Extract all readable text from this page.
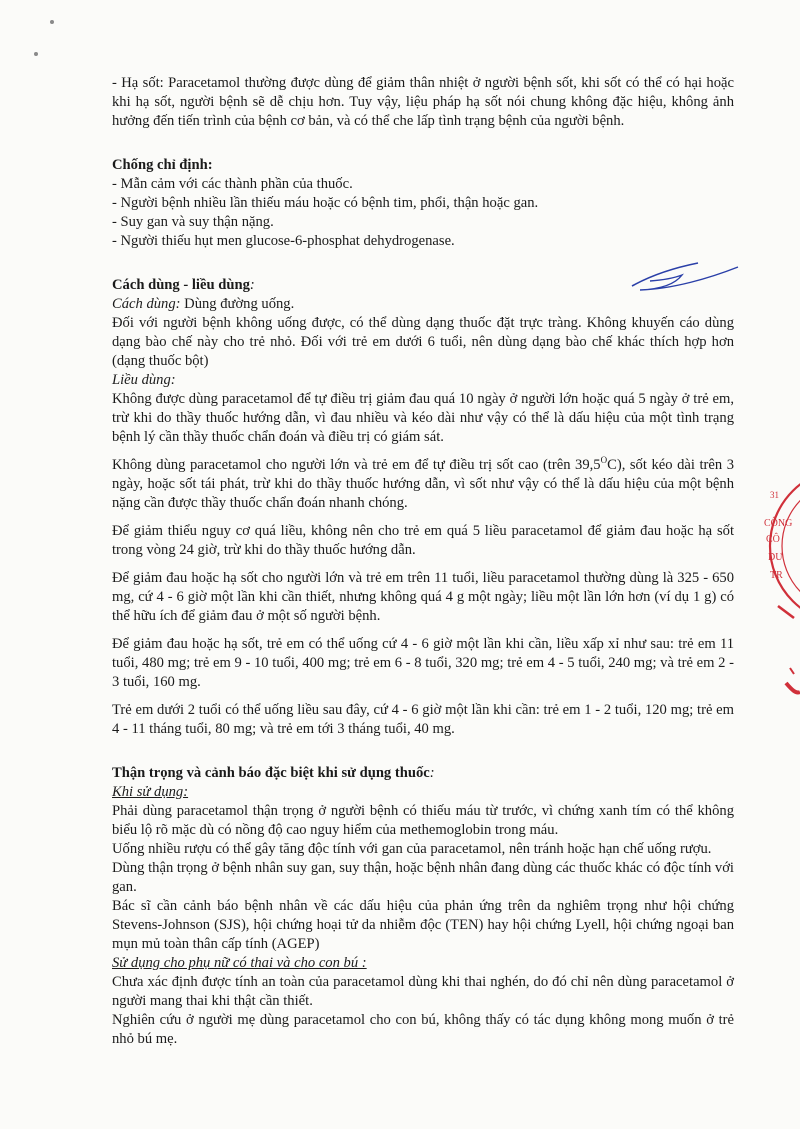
- Hạ sốt: Paracetamol thường được dùng để giảm thân nhiệt ở người bệnh sốt, khi sốt có thể có hại hoặc khi hạ sốt, người bệnh sẽ dễ chịu hơn. Tuy vậy, liệu pháp hạ sốt nói chung không đặc hiệu, không ảnh hưởng đến tiến trình của bệnh cơ bản, và có thể che lấp tình trạng bệnh của người bệnh.

Chống chỉ định:

- Mẫn cảm với các thành phần của thuốc.

- Người bệnh nhiều lần thiếu máu hoặc có bệnh tim, phổi, thận hoặc gan.

- Suy gan và suy thận nặng.

- Người thiếu hụt men glucose-6-phosphat dehydrogenase.

Cách dùng - liều dùng:

Cách dùng: Dùng đường uống.

Đối với người bệnh không uống được, có thể dùng dạng thuốc đặt trực tràng. Không khuyến cáo dùng dạng bào chế này cho trẻ nhỏ. Đối với trẻ em dưới 6 tuổi, nên dùng dạng bào chế khác thích hợp hơn (dạng thuốc bột)

Liều dùng:

Không được dùng paracetamol để tự điều trị giảm đau quá 10 ngày ở người lớn hoặc quá 5 ngày ở trẻ em, trừ khi do thầy thuốc hướng dẫn, vì đau nhiều và kéo dài như vậy có thể là dấu hiệu của một tình trạng bệnh lý cần thầy thuốc chẩn đoán và điều trị có giám sát.

Không dùng paracetamol cho người lớn và trẻ em để tự điều trị sốt cao (trên $39,5^OC$), sốt kéo dài trên 3 ngày, hoặc sốt tái phát, trừ khi do thầy thuốc hướng dẫn, vì sốt như vậy có thể là dấu hiệu của một bệnh nặng cần được thầy thuốc chẩn đoán nhanh chóng.

Để giảm thiểu nguy cơ quá liều, không nên cho trẻ em quá 5 liều paracetamol để giảm đau hoặc hạ sốt trong vòng 24 giờ, trừ khi do thầy thuốc hướng dẫn.

Để giảm đau hoặc hạ sốt cho người lớn và trẻ em trên 11 tuổi, liều paracetamol thường dùng là 325 - 650 mg, cứ 4 - 6 giờ một lần khi cần thiết, nhưng không quá 4 g một ngày; liều một lần lớn hơn (ví dụ 1 g) có thể hữu ích để giảm đau ở một số người bệnh.

Để giảm đau hoặc hạ sốt, trẻ em có thể uống cứ 4 - 6 giờ một lần khi cần, liều xấp xỉ như sau: trẻ em 11 tuổi, 480 mg; trẻ em 9 - 10 tuổi, 400 mg; trẻ em 6 - 8 tuổi, 320 mg; trẻ em 4 - 5 tuổi, 240 mg; và trẻ em 2 - 3 tuổi, 160 mg.

Trẻ em dưới 2 tuổi có thể uống liều sau đây, cứ 4 - 6 giờ một lần khi cần: trẻ em 1 - 2 tuổi, 120 mg; trẻ em 4 - 11 tháng tuổi, 80 mg; và trẻ em tới 3 tháng tuổi, 40 mg.

Thận trọng và cảnh báo đặc biệt khi sử dụng thuốc:

Khi sử dụng:

Phải dùng paracetamol thận trọng ở người bệnh có thiếu máu từ trước, vì chứng xanh tím có thể không biểu lộ rõ mặc dù có nồng độ cao nguy hiểm của methemoglobin trong máu.

Uống nhiều rượu có thể gây tăng độc tính với gan của paracetamol, nên tránh hoặc hạn chế uống rượu.

Dùng thận trọng ở bệnh nhân suy gan, suy thận, hoặc bệnh nhân đang dùng các thuốc khác có độc tính với gan.

Bác sĩ cần cảnh báo bệnh nhân về các dấu hiệu của phản ứng trên da nghiêm trọng như hội chứng Stevens-Johnson (SJS), hội chứng hoại tử da nhiễm độc (TEN) hay hội chứng Lyell, hội chứng ngoại ban mụn mủ toàn thân cấp tính (AGEP)

Sử dụng cho phụ nữ có thai và cho con bú :

Chưa xác định được tính an toàn của paracetamol dùng khi thai nghén, do đó chỉ nên dùng paracetamol ở người mang thai khi thật cần thiết.

Nghiên cứu ở người mẹ dùng paracetamol cho con bú, không thấy có tác dụng không mong muốn ở trẻ nhỏ bú mẹ.

31
CÔNG
CÔ
DƯ
TR
